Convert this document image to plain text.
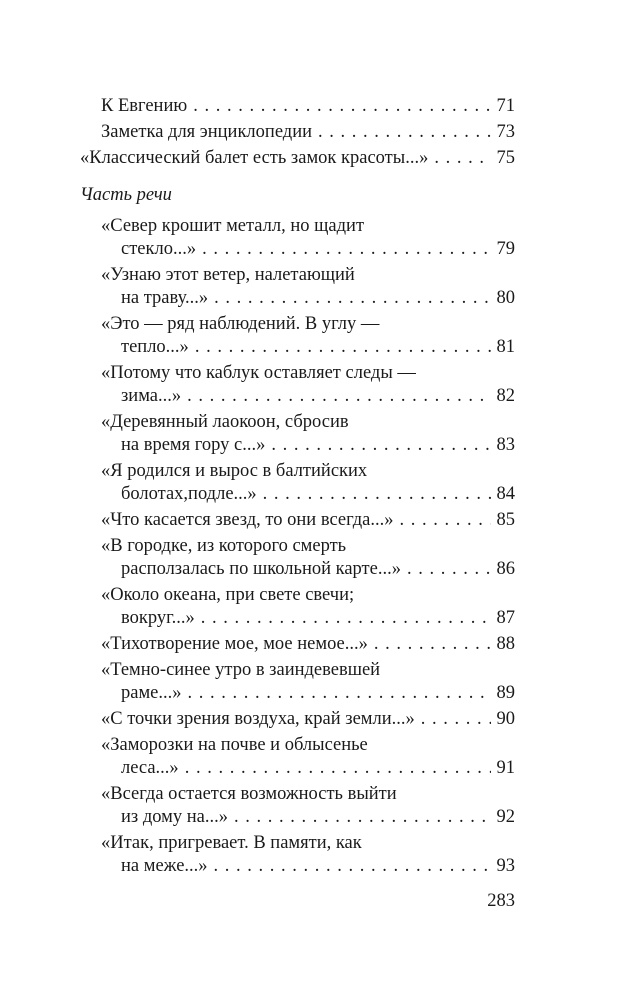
К Евгению . . .	71
Заметка для энциклопедии . . .	73
«Классический балет есть замок красоты...» . . .	75
Часть речи
«Север крошит металл, но щадит
стекло...» . . .	79
«Узнаю этот ветер, налетающий
на траву...» . . .	80
«Это — ряд наблюдений. В углу —
тепло...» . . .	81
«Потому что каблук оставляет следы —
зима...» . . .	82
«Деревянный лаокоон, сбросив
на время гору с...» . . .	83
«Я родился и вырос в балтийских
болотах,подле...» . . .	84
«Что касается звезд, то они всегда...» . . .	85
«В городке, из которого смерть
расползалась по школьной карте...» . . .	86
«Около океана, при свете свечи;
вокруг...» . . .	87
«Тихотворение мое, мое немое...» . . .	88
«Темно-синее утро в заиндевевшей
раме...» . . .	89
«С точки зрения воздуха, край земли...» . . .	90
«Заморозки на почве и облысенье
леса...» . . .	91
«Всегда остается возможность выйти
из дому на...» . . .	92
«Итак, пригревает. В памяти, как
на меже...» . . .	93
283
